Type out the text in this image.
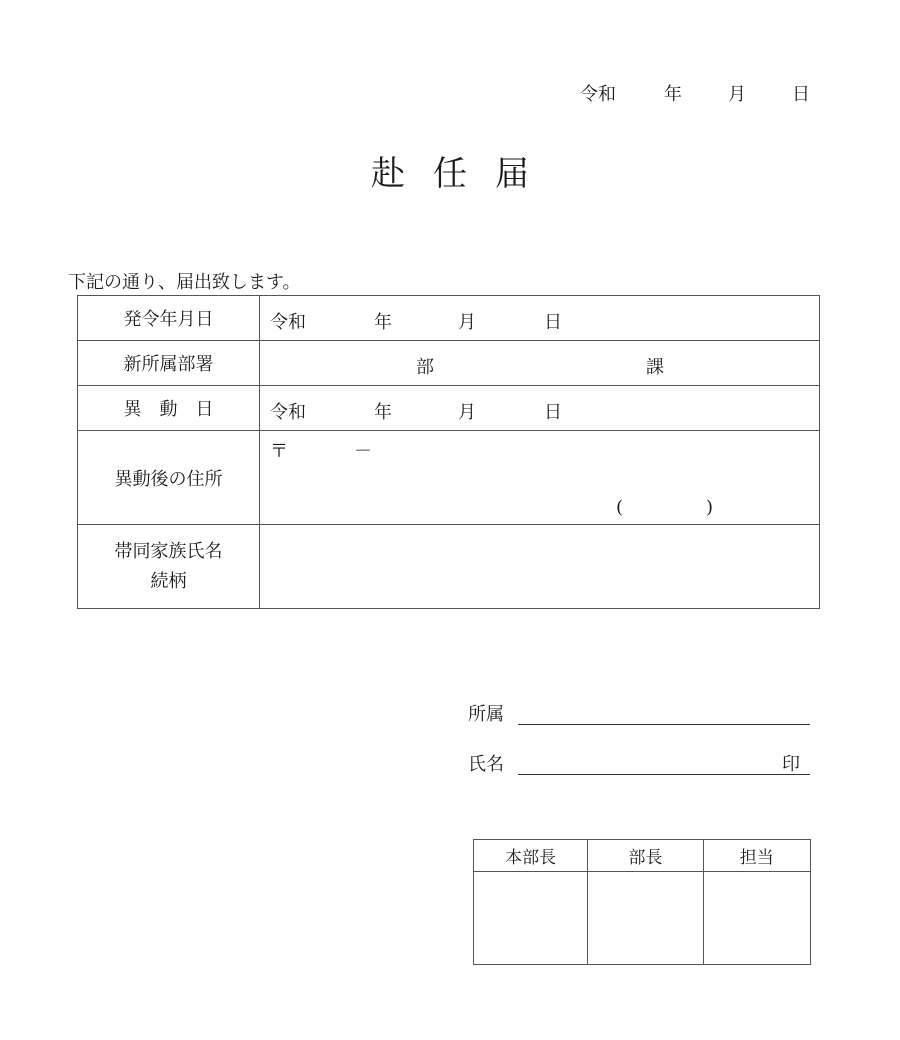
令和	年	月	日
赴任届
下記の通り、届出致します。
発令年月日	令和 年 月 日

新所属部署	部 課

異　動　日	令和 年 月 日

異動後の住所	〒 －
( )

帯同家族氏名
続柄	

所属
氏名	印
本部長	部長	担当
